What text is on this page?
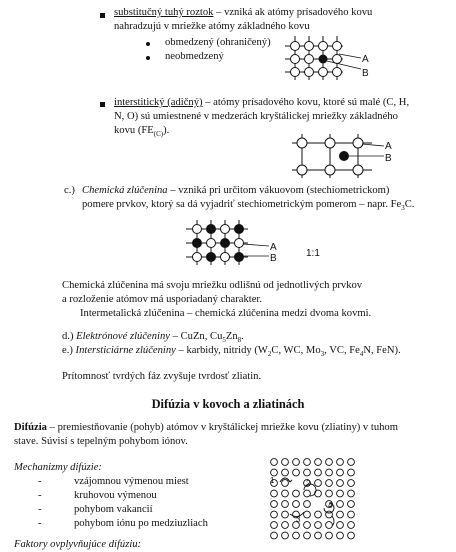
substitučný tuhý roztok – vzniká ak atómy prísadového kovu
nahradzujú v mriežke atómy základného kovu
obmedzený (ohraničený)
neobmedzený	A
B
interstitický (adičný) – atómy prísadového kovu, ktoré sú malé (C, H,
N, O) sú umiestnené v medzerách kryštálickej mriežky základného
kovu $(FE_{(C)})$.
A
B
c.) Chemická zlúčenina – vzniká pri určitom vákuovom (stechiometrickom)
pomere prvkov, ktorý sa dá vyjadriť stechiometrickým pomerom – napr. $Fe_3C$.
A
B	1:1
Chemická zlúčenina má svoju mriežku odlišnú od jednotlivých prvkov
a rozloženie atómov má usporiadaný charakter.
Intermetalická zlúčenina – chemická zlúčenina medzi dvoma kovmi.
d.) Elektrónové zlúčeniny – CuZn, $Cu_5Zn_8$.
e.) Intersticiárne zlúčeniny – karbidy, nitridy ($W_2C$, WC, $Mo_3$, VC, $Fe_4N$, FeN).
Prítomnosť tvrdých fáz zvyšuje tvrdosť zliatin.
Difúzia v kovoch a zliatinách
Difúzia – premiestňovanie (pohyb) atómov v kryštálickej mriežke kovu (zliatiny) v tuhom
stave. Súvisí s tepelným pohybom iónov.
Mechanizmy difúzie:
-	vzájomnou výmenou miest
-	kruhovou výmenou
-	pohybom vakancií
-	pohybom iónu po medziuzliach
Faktory ovplyvňujúce difúziu:
1	2
3
4
